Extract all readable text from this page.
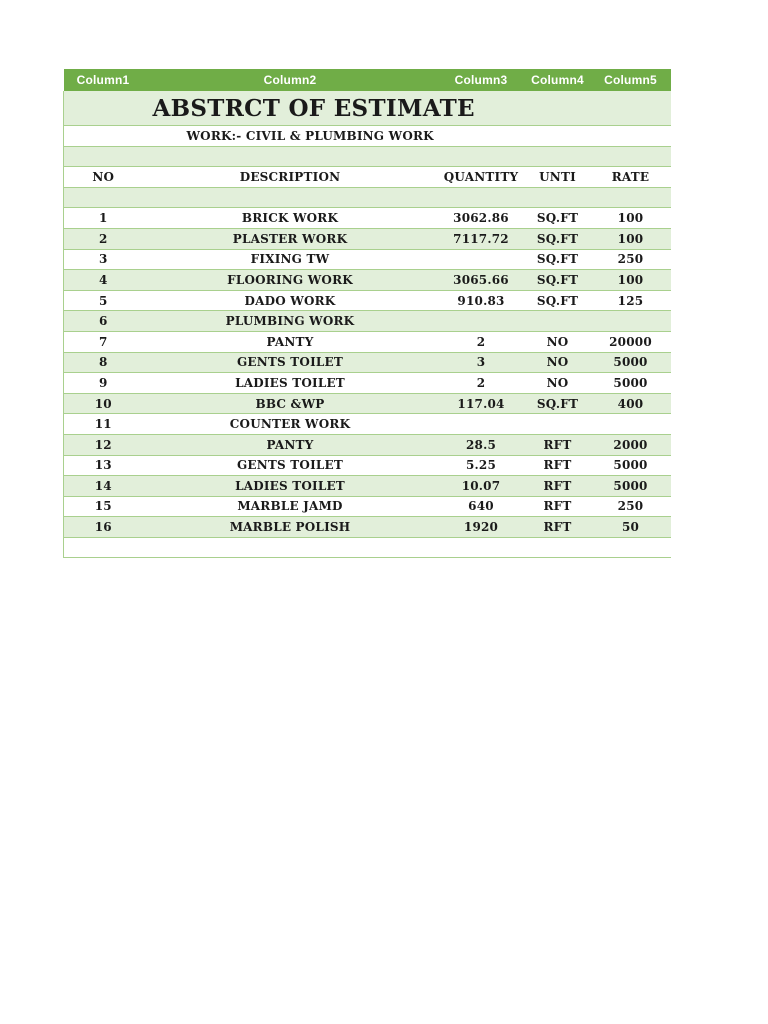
Column1	Column2	Column3	Column4	Column5
	ABSTRCT OF ESTIMATE			
	WORK:- CIVIL & PLUMBING WORK			

NO	DESCRIPTION	QUANTITY	UNTI	RATE

1	BRICK WORK	3062.86	SQ.FT	100
2	PLASTER WORK	7117.72	SQ.FT	100
3	FIXING TW		SQ.FT	250
4	FLOORING WORK	3065.66	SQ.FT	100
5	DADO WORK	910.83	SQ.FT	125
6	PLUMBING WORK			
7	PANTY	2	NO	20000
8	GENTS TOILET	3	NO	5000
9	LADIES TOILET	2	NO	5000
10	BBC &WP	117.04	SQ.FT	400
11	COUNTER WORK			
12	PANTY	28.5	RFT	2000
13	GENTS TOILET	5.25	RFT	5000
14	LADIES TOILET	10.07	RFT	5000
15	MARBLE JAMD	640	RFT	250
16	MARBLE POLISH	1920	RFT	50
